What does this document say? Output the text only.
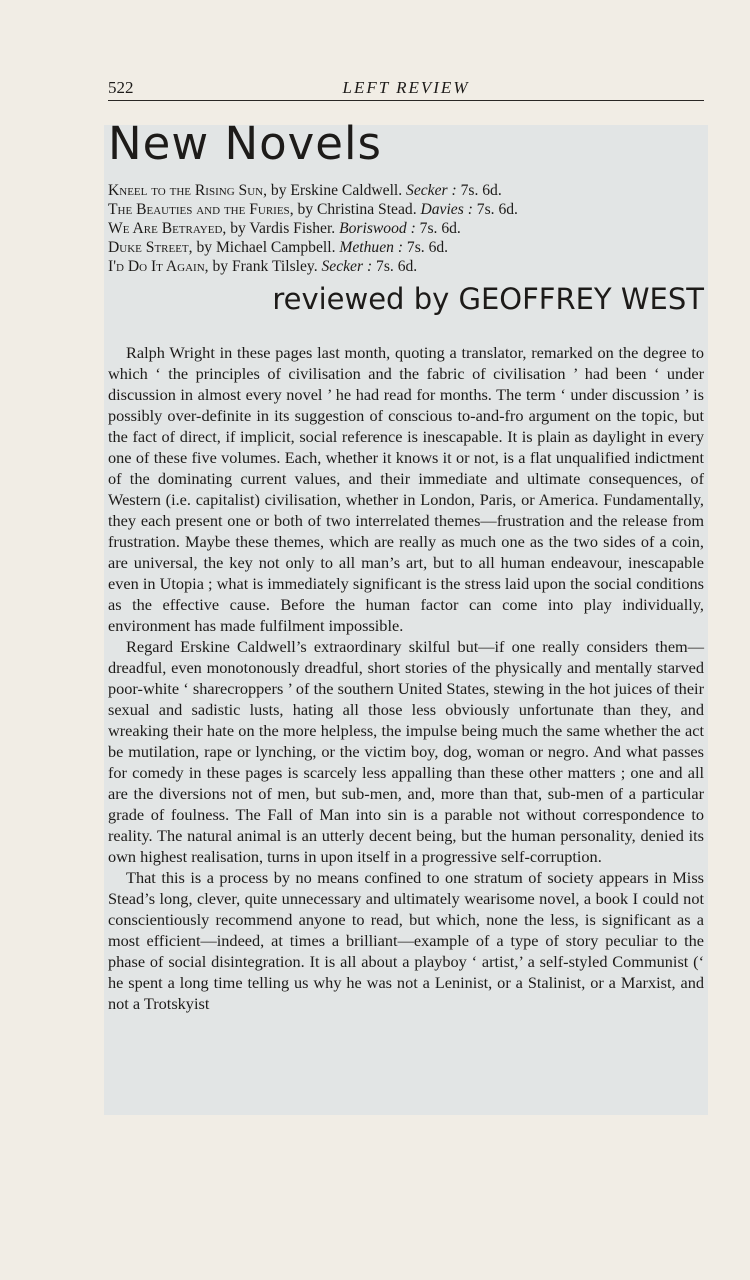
522	LEFT REVIEW
New Novels
Kneel to the Rising Sun, by Erskine Caldwell. Secker : 7s. 6d.
The Beauties and the Furies, by Christina Stead. Davies : 7s. 6d.
We Are Betrayed, by Vardis Fisher. Boriswood : 7s. 6d.
Duke Street, by Michael Campbell. Methuen : 7s. 6d.
I'd Do It Again, by Frank Tilsley. Secker : 7s. 6d.
reviewed by GEOFFREY WEST

Ralph Wright in these pages last month, quoting a translator, remarked on the degree to which ‘ the principles of civilisation and the fabric of civilisation ’ had been ‘ under discussion in almost every novel ’ he had read for months. The term ‘ under discussion ’ is possibly over-definite in its suggestion of conscious to-and-fro argument on the topic, but the fact of direct, if implicit, social reference is inescapable. It is plain as daylight in every one of these five volumes. Each, whether it knows it or not, is a flat unqualified indictment of the dominating current values, and their immediate and ultimate consequences, of Western (i.e. capitalist) civilisation, whether in London, Paris, or America. Fundamentally, they each present one or both of two interrelated themes—frustration and the release from frustration. Maybe these themes, which are really as much one as the two sides of a coin, are universal, the key not only to all man’s art, but to all human endeavour, inescapable even in Utopia ; what is immediately significant is the stress laid upon the social conditions as the effective cause. Before the human factor can come into play individually, environment has made fulfilment impossible.

Regard Erskine Caldwell’s extraordinary skilful but—if one really considers them—dreadful, even monotonously dreadful, short stories of the physically and mentally starved poor-white ‘ sharecroppers ’ of the southern United States, stewing in the hot juices of their sexual and sadistic lusts, hating all those less obviously unfortunate than they, and wreaking their hate on the more helpless, the impulse being much the same whether the act be mutilation, rape or lynching, or the victim boy, dog, woman or negro. And what passes for comedy in these pages is scarcely less appalling than these other matters ; one and all are the diversions not of men, but sub-men, and, more than that, sub-men of a particular grade of foulness. The Fall of Man into sin is a parable not without correspondence to reality. The natural animal is an utterly decent being, but the human personality, denied its own highest realisation, turns in upon itself in a progressive self-corruption.

That this is a process by no means confined to one stratum of society appears in Miss Stead’s long, clever, quite unnecessary and ultimately wearisome novel, a book I could not conscientiously recommend anyone to read, but which, none the less, is significant as a most efficient—indeed, at times a brilliant—example of a type of story peculiar to the phase of social disintegration. It is all about a playboy ‘ artist,’ a self-styled Communist (‘ he spent a long time telling us why he was not a Leninist, or a Stalinist, or a Marxist, and not a Trotskyist
